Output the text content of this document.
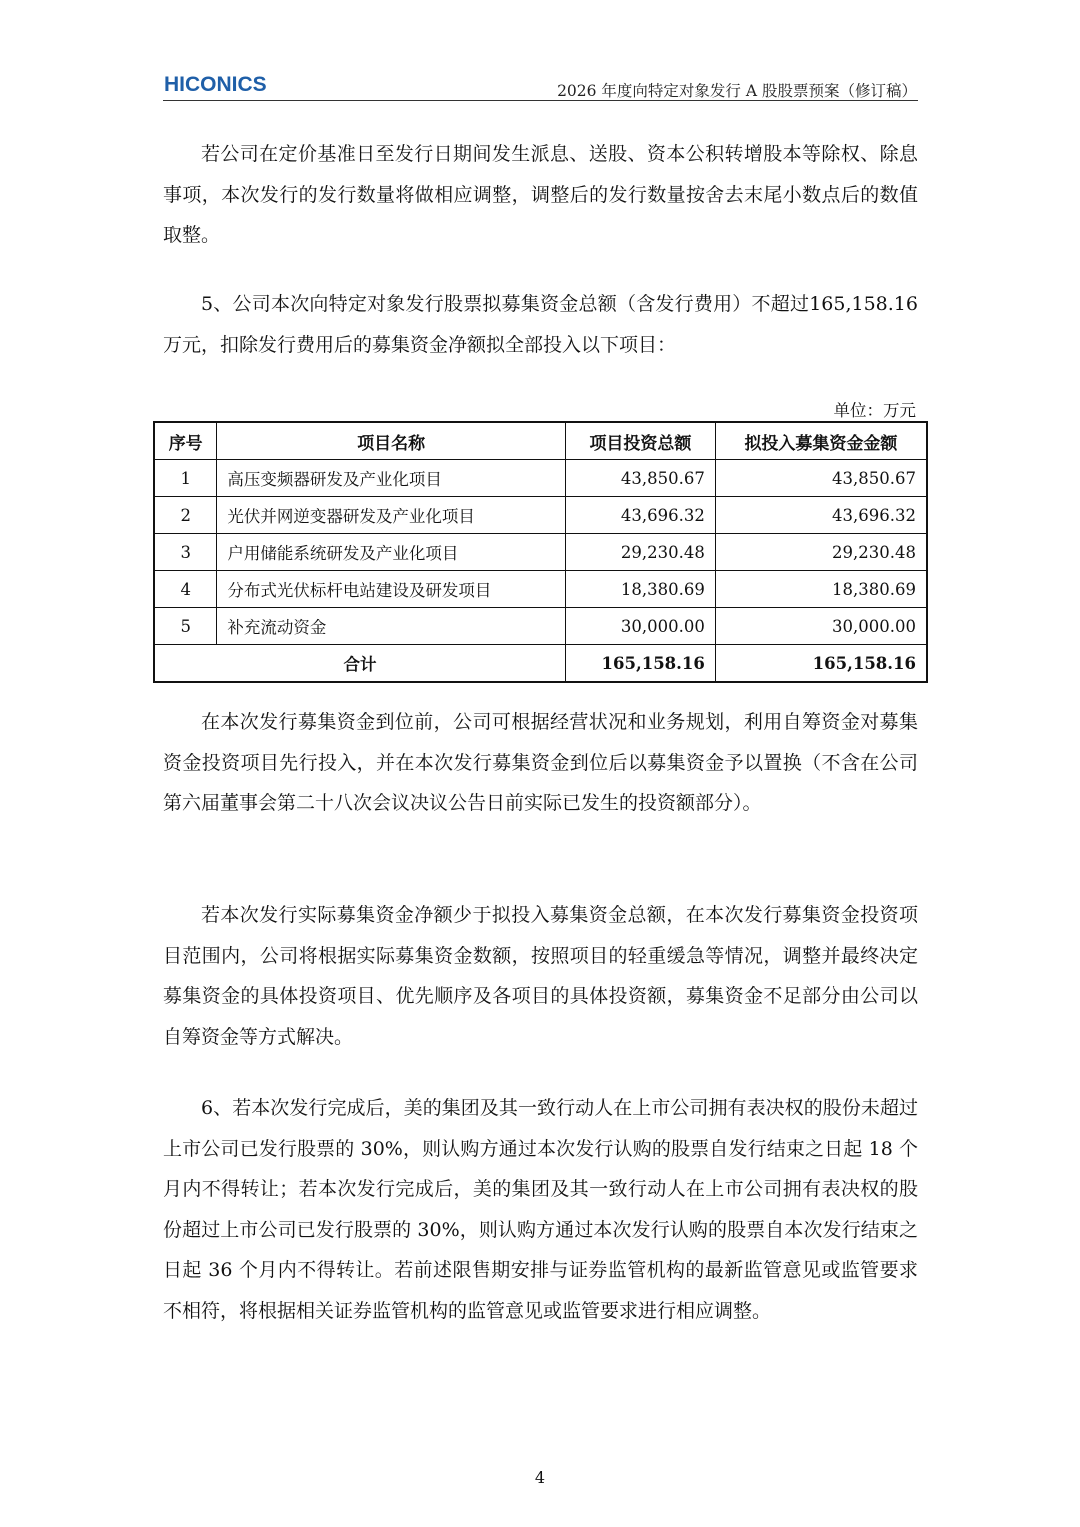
HICONICS	2026 年度向特定对象发行 A 股股票预案（修订稿）

若公司在定价基准日至发行日期间发生派息、送股、资本公积转增股本等除权、除息事项，本次发行的发行数量将做相应调整，调整后的发行数量按舍去末尾小数点后的数值取整。

5、公司本次向特定对象发行股票拟募集资金总额（含发行费用）不超过165,158.16 万元，扣除发行费用后的募集资金净额拟全部投入以下项目：

单位：万元
序号	项目名称	项目投资总额	拟投入募集资金金额
1	高压变频器研发及产业化项目	43,850.67	43,850.67
2	光伏并网逆变器研发及产业化项目	43,696.32	43,696.32
3	户用储能系统研发及产业化项目	29,230.48	29,230.48
4	分布式光伏标杆电站建设及研发项目	18,380.69	18,380.69
5	补充流动资金	30,000.00	30,000.00
合计		165,158.16	165,158.16

在本次发行募集资金到位前，公司可根据经营状况和业务规划，利用自筹资金对募集资金投资项目先行投入，并在本次发行募集资金到位后以募集资金予以置换（不含在公司第六届董事会第二十八次会议决议公告日前实际已发生的投资额部分）。

若本次发行实际募集资金净额少于拟投入募集资金总额，在本次发行募集资金投资项目范围内，公司将根据实际募集资金数额，按照项目的轻重缓急等情况，调整并最终决定募集资金的具体投资项目、优先顺序及各项目的具体投资额，募集资金不足部分由公司以自筹资金等方式解决。

6、若本次发行完成后，美的集团及其一致行动人在上市公司拥有表决权的股份未超过上市公司已发行股票的 30%，则认购方通过本次发行认购的股票自发行结束之日起 18 个月内不得转让；若本次发行完成后，美的集团及其一致行动人在上市公司拥有表决权的股份超过上市公司已发行股票的 30%，则认购方通过本次发行认购的股票自本次发行结束之日起 36 个月内不得转让。若前述限售期安排与证券监管机构的最新监管意见或监管要求不相符，将根据相关证券监管机构的监管意见或监管要求进行相应调整。

4
